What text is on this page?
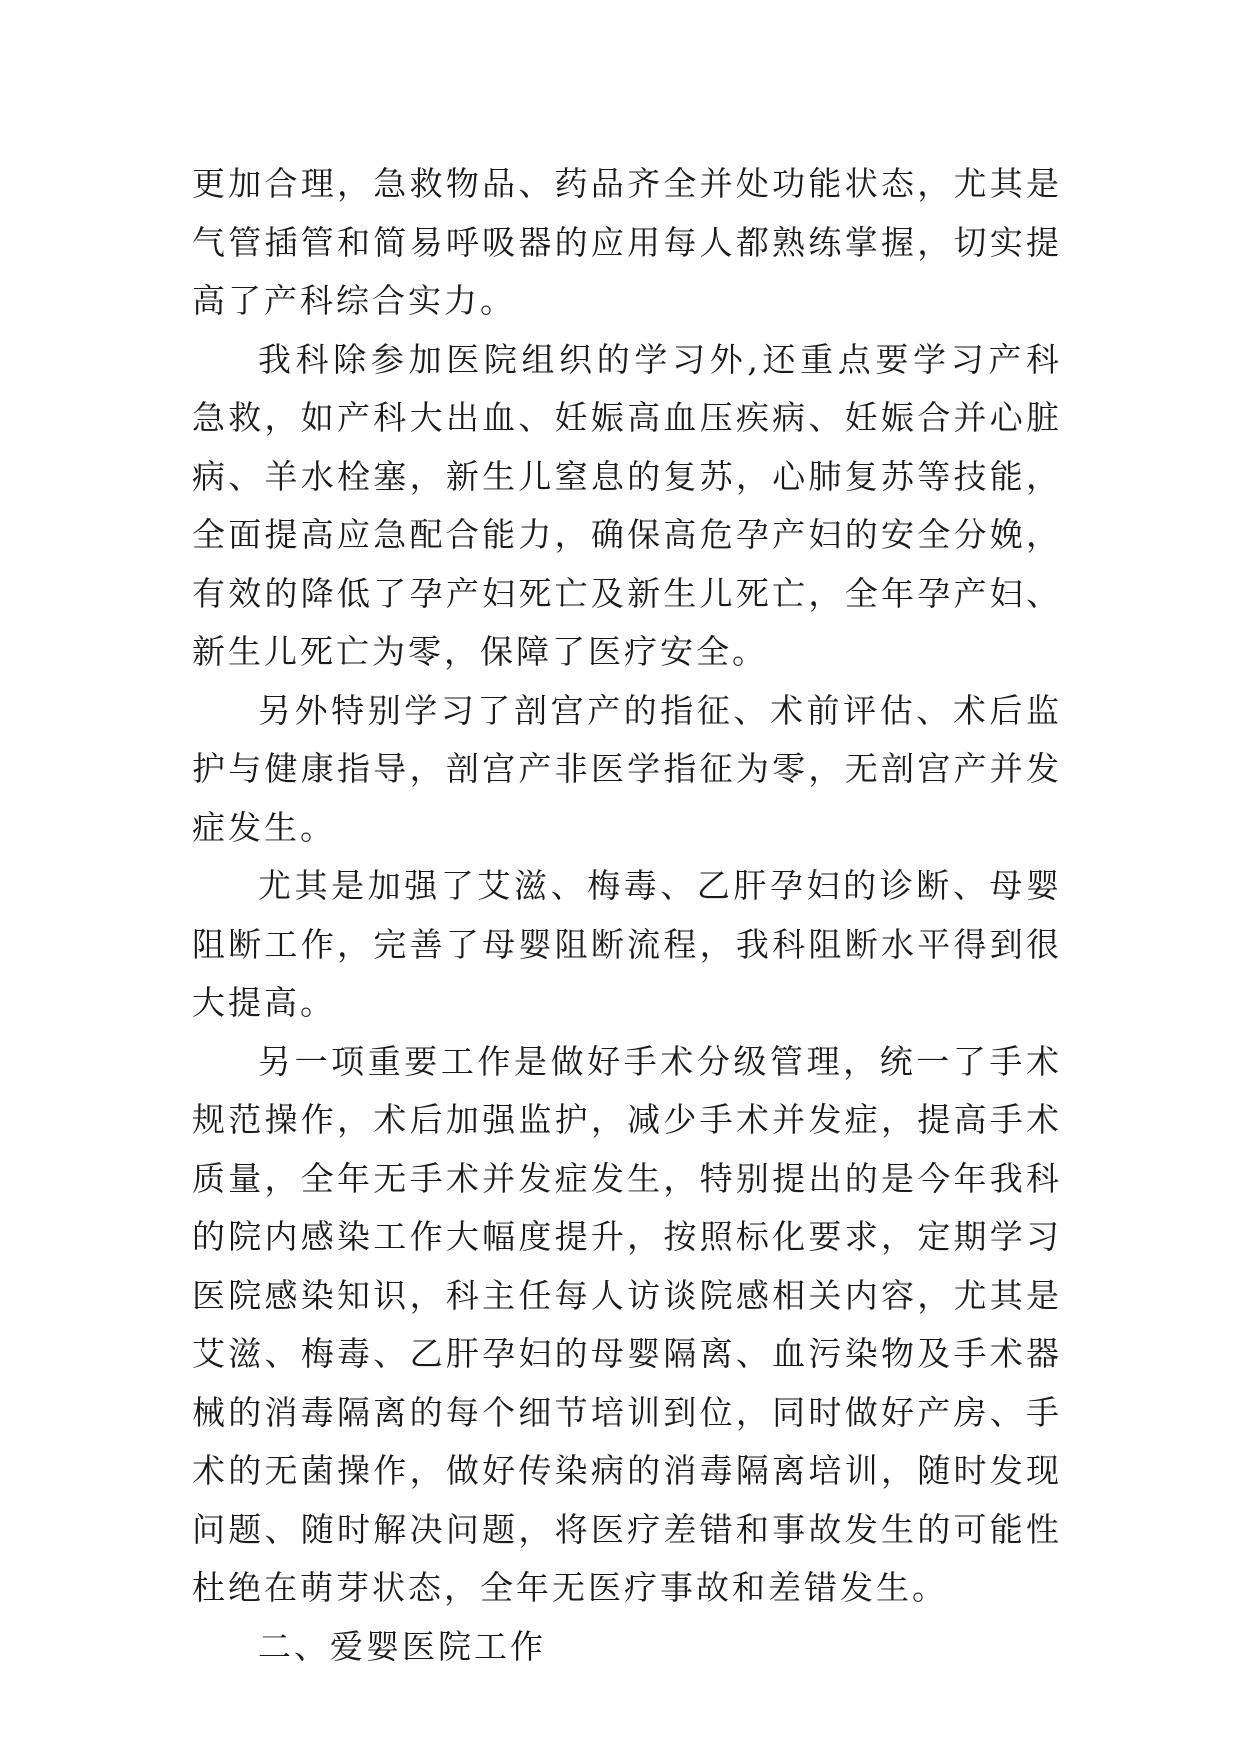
更加合理，急救物品、药品齐全并处功能状态，尤其是气管插管和简易呼吸器的应用每人都熟练掌握，切实提高了产科综合实力。

我科除参加医院组织的学习外,还重点要学习产科急救，如产科大出血、妊娠高血压疾病、妊娠合并心脏病、羊水栓塞，新生儿窒息的复苏，心肺复苏等技能，全面提高应急配合能力，确保高危孕产妇的安全分娩，有效的降低了孕产妇死亡及新生儿死亡，全年孕产妇、新生儿死亡为零，保障了医疗安全。

另外特别学习了剖宫产的指征、术前评估、术后监护与健康指导，剖宫产非医学指征为零，无剖宫产并发症发生。

尤其是加强了艾滋、梅毒、乙肝孕妇的诊断、母婴阻断工作，完善了母婴阻断流程，我科阻断水平得到很大提高。

另一项重要工作是做好手术分级管理，统一了手术规范操作，术后加强监护，减少手术并发症，提高手术质量，全年无手术并发症发生，特别提出的是今年我科的院内感染工作大幅度提升，按照标化要求，定期学习医院感染知识，科主任每人访谈院感相关内容，尤其是艾滋、梅毒、乙肝孕妇的母婴隔离、血污染物及手术器械的消毒隔离的每个细节培训到位，同时做好产房、手术的无菌操作，做好传染病的消毒隔离培训，随时发现问题、随时解决问题，将医疗差错和事故发生的可能性杜绝在萌芽状态，全年无医疗事故和差错发生。

二、爱婴医院工作
